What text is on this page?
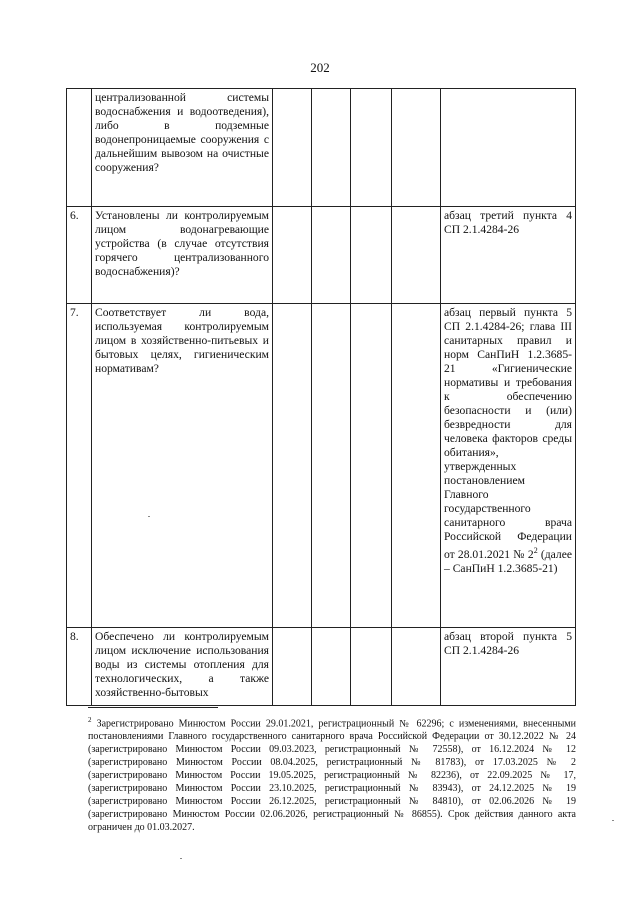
202
	централизованной системы водоснабжения и водоотведения), либо в подземные водонепроницаемые сооружения с дальнейшим вывозом на очистные сооружения?					
6.	Установлены ли контролируемым лицом водонагревающие устройства (в случае отсутствия горячего централизованного водоснабжения)?					абзац третий пункта 4 СП 2.1.4284-26
7.	Соответствует ли вода, используемая контролируемым лицом в хозяйственно-питьевых и бытовых целях, гигиеническим нормативам?					абзац первый пункта 5 СП 2.1.4284-26; глава III санитарных правил и норм СанПиН 1.2.3685-21 «Гигиенические нормативы и требования к обеспечению безопасности и (или) безвредности для человека факторов среды обитания», утвержденных постановлением Главного государственного санитарного врача Российской Федерации от 28.01.2021 № $2^2$ (далее – СанПиН 1.2.3685-21)
8.	Обеспечено ли контролируемым лицом исключение использования воды из системы отопления для технологических, а также хозяйственно-бытовых					абзац второй пункта 5 СП 2.1.4284-26
$^2$ Зарегистрировано Минюстом России 29.01.2021, регистрационный № 62296; с изменениями, внесенными постановлениями Главного государственного санитарного врача Российской Федерации от 30.12.2022 № 24 (зарегистрировано Минюстом России 09.03.2023, регистрационный № 72558), от 16.12.2024 № 12 (зарегистрировано Минюстом России 08.04.2025, регистрационный № 81783), от 17.03.2025 № 2 (зарегистрировано Минюстом России 19.05.2025, регистрационный № 82236), от 22.09.2025 № 17, (зарегистрировано Минюстом России 23.10.2025, регистрационный № 83943), от 24.12.2025 № 19 (зарегистрировано Минюстом России 26.12.2025, регистрационный № 84810), от 02.06.2026 № 19 (зарегистрировано Минюстом России 02.06.2026, регистрационный № 86855). Срок действия данного акта ограничен до 01.03.2027.
